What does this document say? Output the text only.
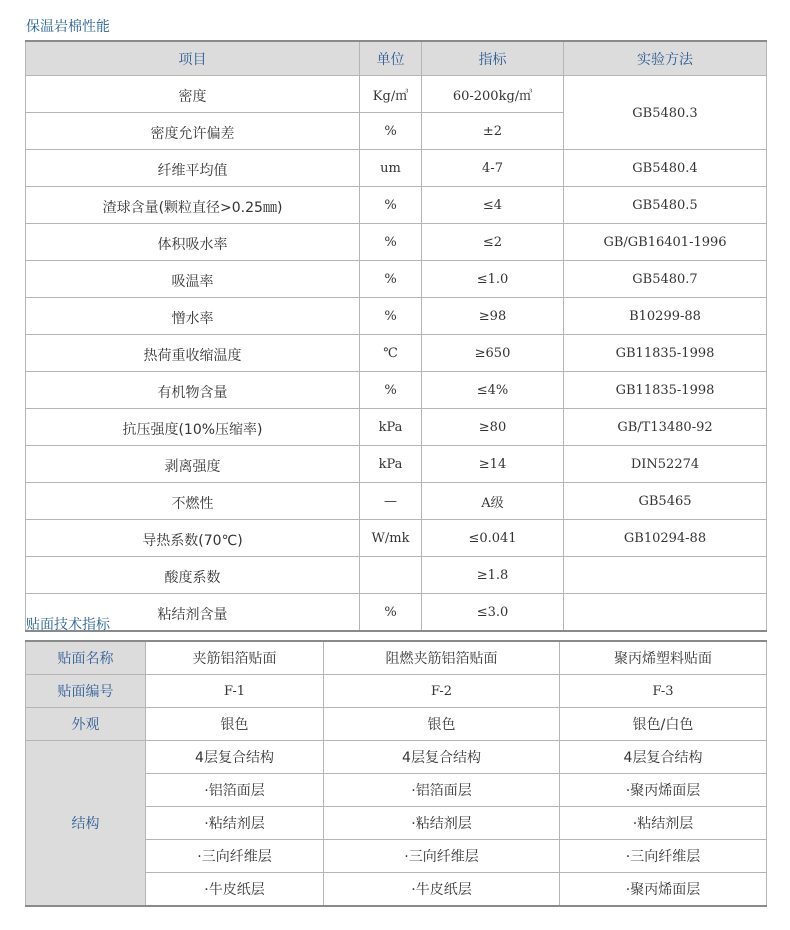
保温岩棉性能
项目	单位	指标	实验方法
密度	Kg/㎥	60-200kg/㎥	GB5480.3
密度允许偏差	%	±2	
纤维平均值	um	4-7	GB5480.4
渣球含量(颗粒直径>0.25㎜)	%	≤4	GB5480.5
体积吸水率	%	≤2	GB/GB16401-1996
吸温率	%	≤1.0	GB5480.7
憎水率	%	≥98	B10299-88
热荷重收缩温度	℃	≥650	GB11835-1998
有机物含量	%	≤4%	GB11835-1998
抗压强度(10%压缩率)	kPa	≥80	GB/T13480-92
剥离强度	kPa	≥14	DIN52274
不燃性	—	A级	GB5465
导热系数(70℃)	W/mk	≤0.041	GB10294-88
酸度系数		≥1.8	
粘结剂含量	%	≤3.0	
贴面技术指标
贴面名称	夹筋铝箔贴面	阻燃夹筋铝箔贴面	聚丙烯塑料贴面
贴面编号	F-1	F-2	F-3
外观	银色	银色	银色/白色
结构	4层复合结构	4层复合结构	4层复合结构
	·铝箔面层	·铝箔面层	·聚丙烯面层
	·粘结剂层	·粘结剂层	·粘结剂层
	·三向纤维层	·三向纤维层	·三向纤维层
	·牛皮纸层	·牛皮纸层	·聚丙烯面层
